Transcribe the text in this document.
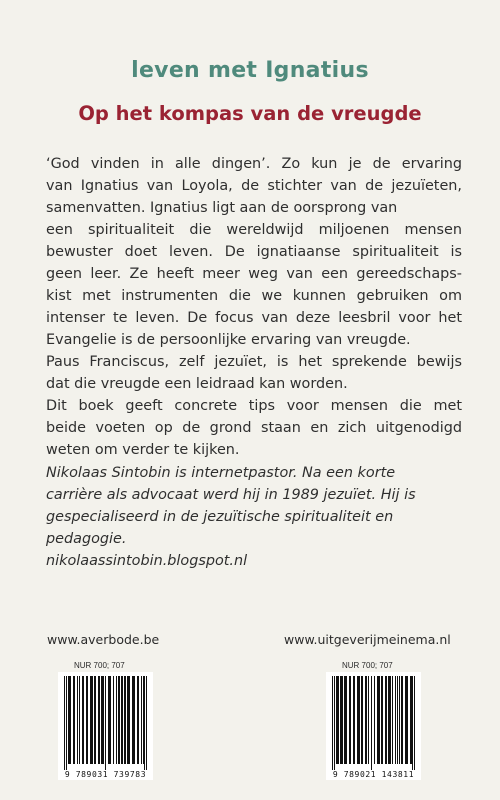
leven met Ignatius
Op het kompas van de vreugde
‘God vinden in alle dingen’. Zo kun je de ervaring
van Ignatius van Loyola, de stichter van de jezuïeten,
samenvatten. Ignatius ligt aan de oorsprong van
een spiritualiteit die wereldwijd miljoenen mensen
bewuster doet leven. De ignatiaanse spiritualiteit is
geen leer. Ze heeft meer weg van een gereedschaps-
kist met instrumenten die we kunnen gebruiken om
intenser te leven. De focus van deze leesbril voor het
Evangelie is de persoonlijke ervaring van vreugde.
Paus Franciscus, zelf jezuïet, is het sprekende bewijs
dat die vreugde een leidraad kan worden.
Dit boek geeft concrete tips voor mensen die met
beide voeten op de grond staan en zich uitgenodigd
weten om verder te kijken.
Nikolaas Sintobin is internetpastor. Na een korte
carrière als advocaat werd hij in 1989 jezuïet. Hij is
gespecialiseerd in de jezuïtische spiritualiteit en
pedagogie.
nikolaassintobin.blogspot.nl
www.averbode.be	www.uitgeverijmeinema.nl
NUR 700; 707	NUR 700; 707
9 789031 739783	9 789021 143811
